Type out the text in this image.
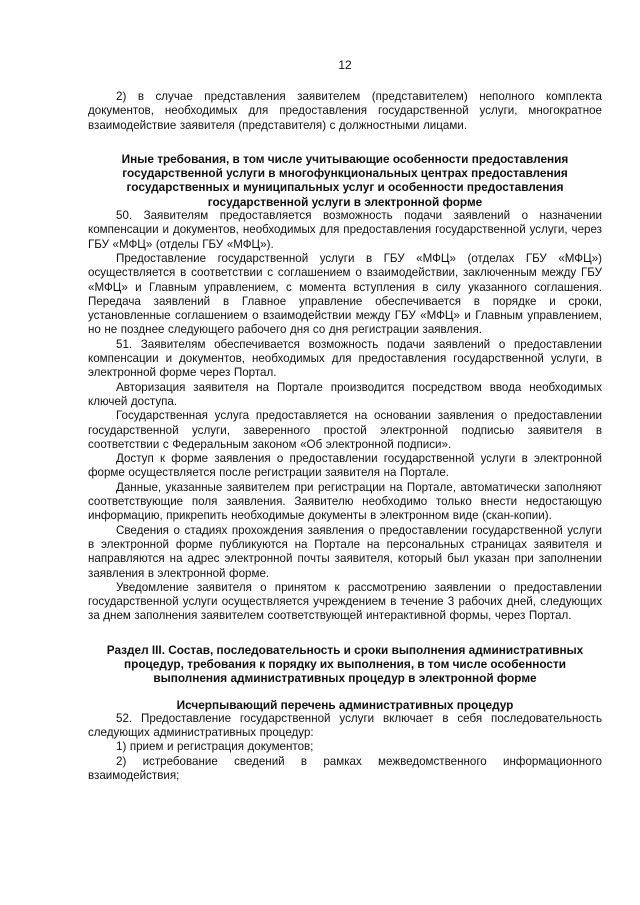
12

2) в случае представления заявителем (представителем) неполного комплекта документов, необходимых для предоставления государственной услуги, многократное взаимодействие заявителя (представителя) с должностными лицами.

Иные требования, в том числе учитывающие особенности предоставления государственной услуги в многофункциональных центрах предоставления государственных и муниципальных услуг и особенности предоставления государственной услуги в электронной форме

50. Заявителям предоставляется возможность подачи заявлений о назначении компенсации и документов, необходимых для предоставления государственной услуги, через ГБУ «МФЦ» (отделы ГБУ «МФЦ»).

Предоставление государственной услуги в ГБУ «МФЦ» (отделах ГБУ «МФЦ») осуществляется в соответствии с соглашением о взаимодействии, заключенным между ГБУ «МФЦ» и Главным управлением, с момента вступления в силу указанного соглашения. Передача заявлений в Главное управление обеспечивается в порядке и сроки, установленные соглашением о взаимодействии между ГБУ «МФЦ» и Главным управлением, но не позднее следующего рабочего дня со дня регистрации заявления.

51. Заявителям обеспечивается возможность подачи заявлений о предоставлении компенсации и документов, необходимых для предоставления государственной услуги, в электронной форме через Портал.

Авторизация заявителя на Портале производится посредством ввода необходимых ключей доступа.

Государственная услуга предоставляется на основании заявления о предоставлении государственной услуги, заверенного простой электронной подписью заявителя в соответствии с Федеральным законом «Об электронной подписи».

Доступ к форме заявления о предоставлении государственной услуги в электронной форме осуществляется после регистрации заявителя на Портале.

Данные, указанные заявителем при регистрации на Портале, автоматически заполняют соответствующие поля заявления. Заявителю необходимо только внести недостающую информацию, прикрепить необходимые документы в электронном виде (скан-копии).

Сведения о стадиях прохождения заявления о предоставлении государственной услуги в электронной форме публикуются на Портале на персональных страницах заявителя и направляются на адрес электронной почты заявителя, который был указан при заполнении заявления в электронной форме.

Уведомление заявителя о принятом к рассмотрению заявлении о предоставлении государственной услуги осуществляется учреждением в течение 3 рабочих дней, следующих за днем заполнения заявителем соответствующей интерактивной формы, через Портал.

Раздел III. Состав, последовательность и сроки выполнения административных процедур, требования к порядку их выполнения, в том числе особенности выполнения административных процедур в электронной форме
Исчерпывающий перечень административных процедур

52. Предоставление государственной услуги включает в себя последовательность следующих административных процедур:

1) прием и регистрация документов;

2) истребование сведений в рамках межведомственного информационного взаимодействия;
